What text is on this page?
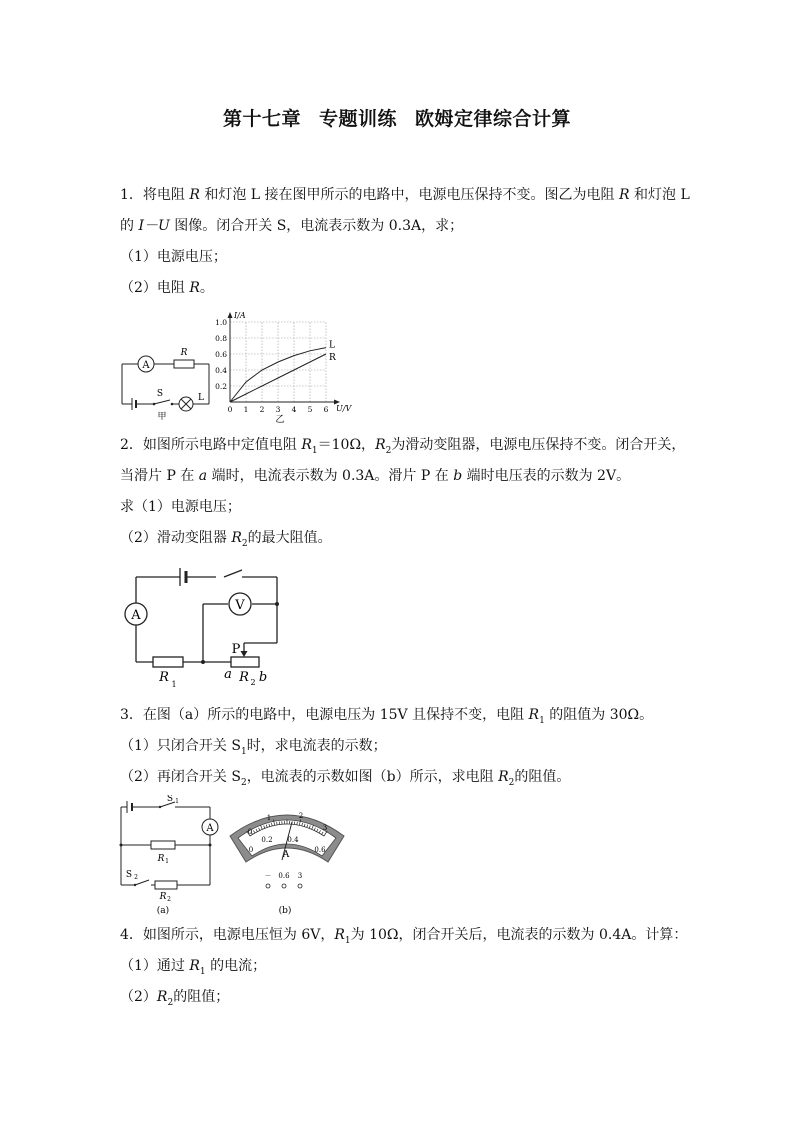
第十七章 专题训练 欧姆定律综合计算
1．将电阻 R 和灯泡 L 接在图甲所示的电路中，电源电压保持不变。图乙为电阻 R 和灯泡 L
的 I－U 图像。闭合开关 S，电流表示数为 0.3A，求；
（1）电源电压；
（2）电阻 R。
A
R
S	L
甲
I/A
U/V
1.0
0.8
0.6
0.4
0.2
0 1 2 3 4 5 6
L
R
乙
2．如图所示电路中定值电阻 $R_1=10\Omega$，$R_2$为滑动变阻器，电源电压保持不变。闭合开关，
当滑片 P 在 a 端时，电流表示数为 0.3A。滑片 P 在 b 端时电压表的示数为 2V。
求（1）电源电压；
（2）滑动变阻器 $R_2$的最大阻值。
A
V
P
R 1
a R 2 b
3．在图（a）所示的电路中，电源电压为 15V 且保持不变，电阻 $R_1$ 的阻值为 30Ω。
（1）只闭合开关 $S_1$时，求电流表的示数；
（2）再闭合开关 $S_2$，电流表的示数如图（b）所示，求电阻 $R_2$的阻值。
S 1
A
R 1
S 2
R 2
(a)
0
1	2
3
0
0.2 0.4
0.6
A
－ 0.6 3
(b)
4．如图所示，电源电压恒为 6V，$R_1$为 10Ω，闭合开关后，电流表的示数为 0.4A。计算：
（1）通过 $R_1$ 的电流；
$(2)R_2$的阻值；
